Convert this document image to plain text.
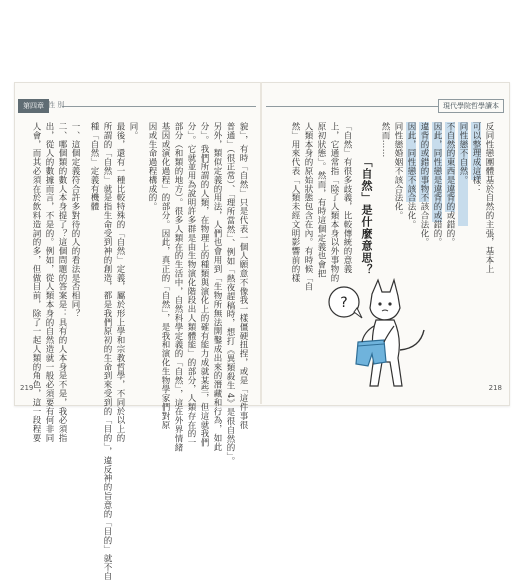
第四章 性 別
貌」，有時「自然」只是代表一個人願意不像我一樣僵硬扭捏，或是「這件事很
普通」（很正常）、「理所當然」、例如「熱夜趕稿時，想打《異類殺生 4》是很自然的」。
另外，類似定義的用法，人們也會用到「生物所無法開鑿成出來的潛藏和行為，如此
分」。我們所謂的人類，在物理上的種類與演化上的確有能力成就某些，但這就我們
分」。它就並用為說明許多群是由生物演化階段出人類體能」的部分，人類存在的一
部分（和類的地方）。很多人類在的生活中，自然科學定義的「自然」，這在外界情緒
基因或演化過程」的部分。因此，真正的「自然」，是我和演化生物學家們對原
因或生命過程構成的。
同。
最後，還有一種比較特殊的「自然」定義，屬於形上學和宗教哲學，不同於以上的
所謂的「自然」就是指生命受到神的創造，都是我們原初的生命到來受到的「目的」，違反神的旨意的「目的」就不自
種「自然」定義有機體
一、這個定義符合許多對待的人的看法是否相同？
二、哪個類的數人本身提了？這個問題的答案是：具有的人本身是不是，我必須指
出，從人的數據而言，不是的。例如，從人類本身的自然造就一般必須要有何非同
人會，而其必須在於飲料造詞的多，但做目前，除了一起人類的角色，這一段程要
219
現代學院哲學讀本
反同性戀團體基於自然的主張，基本上
可以整理成這樣：
同性戀不自然。
不自然的東西是違背的或錯的。
因此，同性戀是違背的或錯的。
違背的或錯的事物不該合法化。
因此，同性戀不該合法化。
同性戀婚姻不該合法化。
然而……
「自然」是什麼意思？
「自然」有很多歧義，比較傳統的意義
上，它通常指「除了人類本身以外事物的
原初狀態」。然而，有時這個定義也會把
人類本身的原始狀態包含在內。有時候「自
然」用來代表「人類未經文明影響前的樣
?
218
